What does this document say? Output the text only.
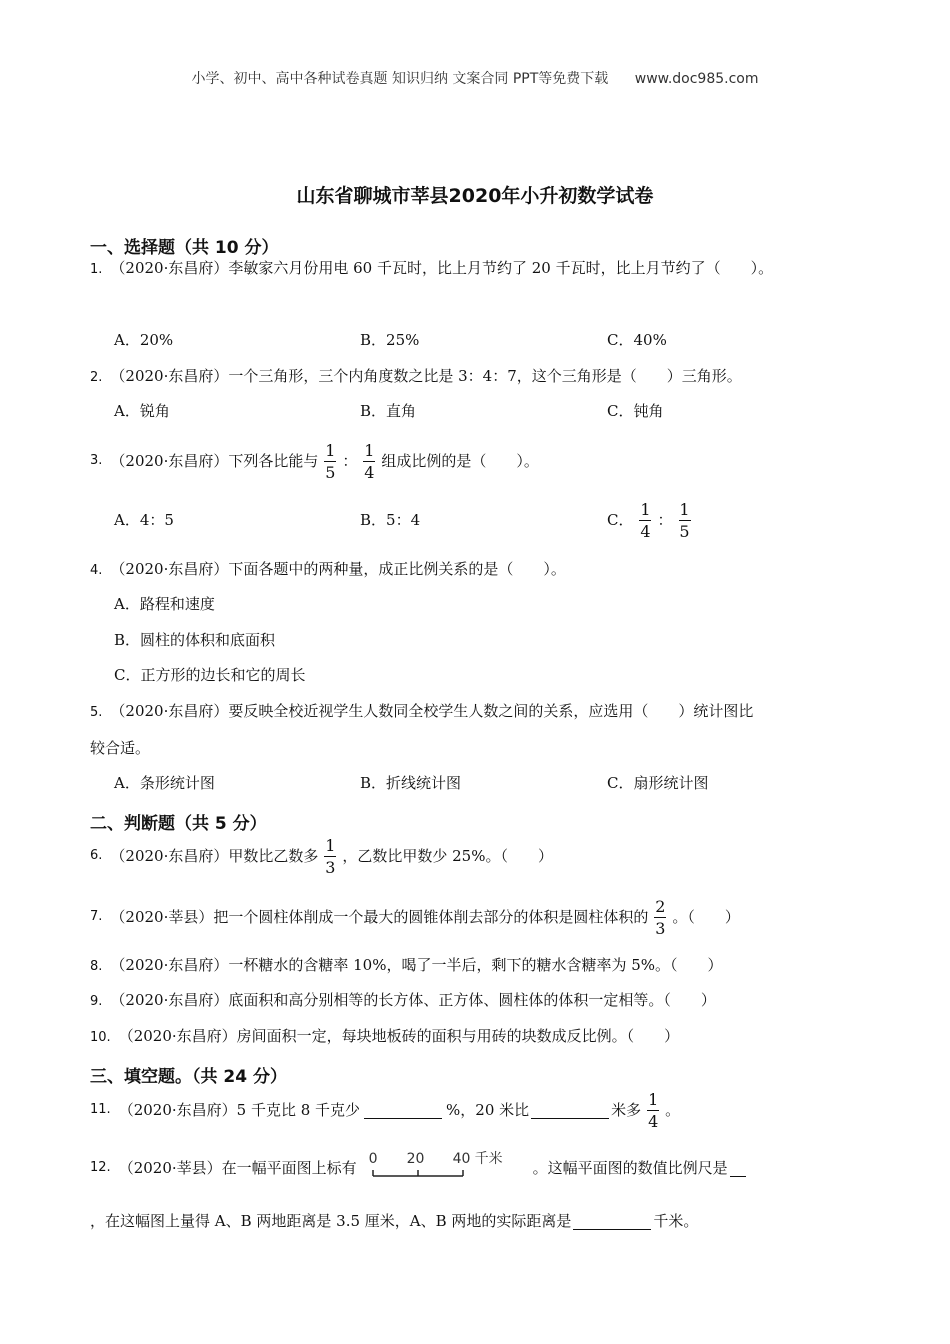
小学、初中、高中各种试卷真题 知识归纳 文案合同 PPT等免费下载 www.doc985.com
山东省聊城市莘县2020年小升初数学试卷
一、选择题（共 10 分）
1. （2020·东昌府）李敏家六月份用电 60 千瓦时，比上月节约了 20 千瓦时，比上月节约了（　　）。
A．20%	B．25%	C．40%
2. （2020·东昌府）一个三角形，三个内角度数之比是 3：4：7，这个三角形是（　　）三角形。
A．锐角	B．直角	C．钝角
3. （2020·东昌府）下列各比能与 $\frac{1}{5}$ ： $\frac{1}{4}$ 组成比例的是（　　）。
A．4：5	B．5：4	C． $\frac{1}{4}$ ： $\frac{1}{5}$
4. （2020·东昌府）下面各题中的两种量，成正比例关系的是（　　）。
A．路程和速度
B．圆柱的体积和底面积
C．正方形的边长和它的周长
5. （2020·东昌府）要反映全校近视学生人数同全校学生人数之间的关系，应选用（　　）统计图比
较合适。
A．条形统计图	B．折线统计图	C．扇形统计图
二、判断题（共 5 分）
6. （2020·东昌府）甲数比乙数多 $\frac{1}{3}$ ，乙数比甲数少 25%。（　　）
7. （2020·莘县）把一个圆柱体削成一个最大的圆锥体削去部分的体积是圆柱体积的 $\frac{2}{3}$ 。（　　）
8. （2020·东昌府）一杯糖水的含糖率 10%，喝了一半后，剩下的糖水含糖率为 5%。（　　）
9. （2020·东昌府）底面积和高分别相等的长方体、正方体、圆柱体的体积一定相等。（　　）
10. （2020·东昌府）房间面积一定，每块地板砖的面积与用砖的块数成反比例。（　　）
三、填空题。（共 24 分）
11. （2020·东昌府）5 千克比 8 千克少	%，20 米比	米多 $\frac{1}{4}$ 。
12. （2020·莘县）在一幅平面图上标有 0 20 40 千米 。这幅平面图的数值比例尺是
，在这幅图上量得 A、B 两地距离是 3.5 厘米，A、B 两地的实际距离是	千米。
